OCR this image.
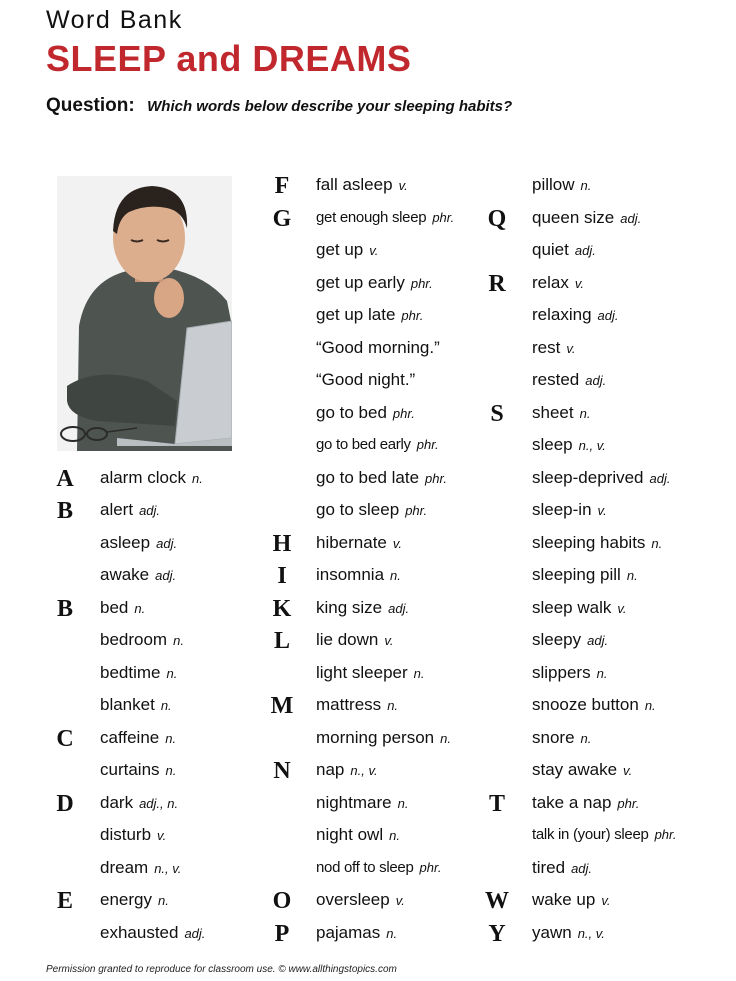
Word Bank
SLEEP and DREAMS
Question: Which words below describe your sleeping habits?
A
B
B
C
D
E
alarm clock n.
alert adj.
asleep adj.
awake adj.
bed n.
bedroom n.
bedtime n.
blanket n.
caffeine n.
curtains n.
dark adj., n.
disturb v.
dream n., v.
energy n.
exhausted adj.
F
G
H
I
K
L
M
N
O
P
fall asleep v.
get enough sleep phr.
get up v.
get up early phr.
get up late phr.
“Good morning.”
“Good night.”
go to bed phr.
go to bed early phr.
go to bed late phr.
go to sleep phr.
hibernate v.
insomnia n.
king size adj.
lie down v.
light sleeper n.
mattress n.
morning person n.
nap n., v.
nightmare n.
night owl n.
nod off to sleep phr.
oversleep v.
pajamas n.
Q
R
S
T
W
Y
pillow n.
queen size adj.
quiet adj.
relax v.
relaxing adj.
rest v.
rested adj.
sheet n.
sleep n., v.
sleep-deprived adj.
sleep-in v.
sleeping habits n.
sleeping pill n.
sleep walk v.
sleepy adj.
slippers n.
snooze button n.
snore n.
stay awake v.
take a nap phr.
talk in (your) sleep phr.
tired adj.
wake up v.
yawn n., v.
Permission granted to reproduce for classroom use. © www.allthingstopics.com
